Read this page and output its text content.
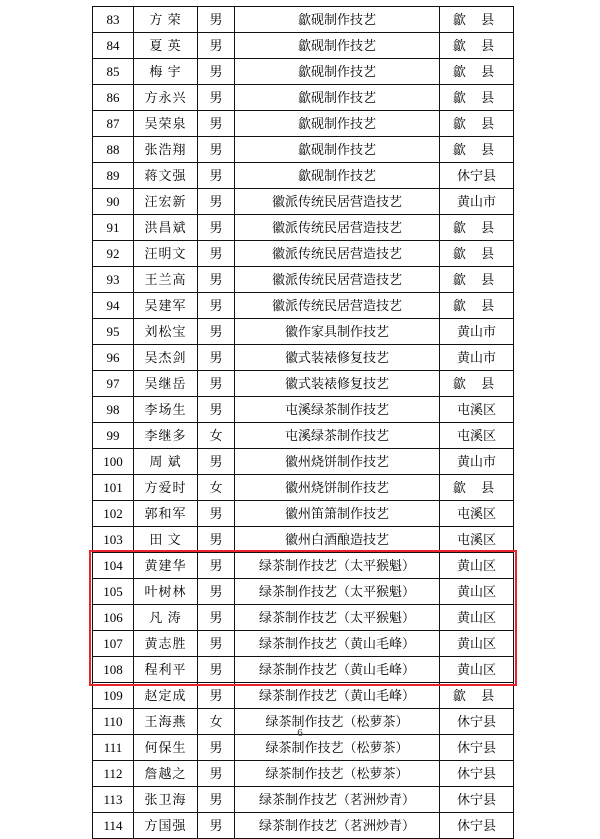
83	方 荣	男	歙砚制作技艺	歙 县
84	夏 英	男	歙砚制作技艺	歙 县
85	梅 宇	男	歙砚制作技艺	歙 县
86	方永兴	男	歙砚制作技艺	歙 县
87	吴荣泉	男	歙砚制作技艺	歙 县
88	张浩翔	男	歙砚制作技艺	歙 县
89	蒋文强	男	歙砚制作技艺	休宁县
90	汪宏新	男	徽派传统民居营造技艺	黄山市
91	洪昌斌	男	徽派传统民居营造技艺	歙 县
92	汪明文	男	徽派传统民居营造技艺	歙 县
93	王兰高	男	徽派传统民居营造技艺	歙 县
94	吴建军	男	徽派传统民居营造技艺	歙 县
95	刘松宝	男	徽作家具制作技艺	黄山市
96	吴杰剑	男	徽式装裱修复技艺	黄山市
97	吴继岳	男	徽式装裱修复技艺	歙 县
98	李场生	男	屯溪绿茶制作技艺	屯溪区
99	李继多	女	屯溪绿茶制作技艺	屯溪区
100	周 斌	男	徽州烧饼制作技艺	黄山市
101	方爱时	女	徽州烧饼制作技艺	歙 县
102	郭和军	男	徽州笛箫制作技艺	屯溪区
103	田 文	男	徽州白酒酿造技艺	屯溪区
104	黄建华	男	绿茶制作技艺（太平猴魁）	黄山区
105	叶树林	男	绿茶制作技艺（太平猴魁）	黄山区
106	凡 涛	男	绿茶制作技艺（太平猴魁）	黄山区
107	黄志胜	男	绿茶制作技艺（黄山毛峰）	黄山区
108	程利平	男	绿茶制作技艺（黄山毛峰）	黄山区
109	赵定成	男	绿茶制作技艺（黄山毛峰）	歙 县
110	王海燕	女	绿茶制作技艺（松萝茶）	休宁县
111	何保生	男	绿茶制作技艺（松萝茶）	休宁县
112	詹越之	男	绿茶制作技艺（松萝茶）	休宁县
113	张卫海	男	绿茶制作技艺（茗洲炒青）	休宁县
114	方国强	男	绿茶制作技艺（茗洲炒青）	休宁县
6
